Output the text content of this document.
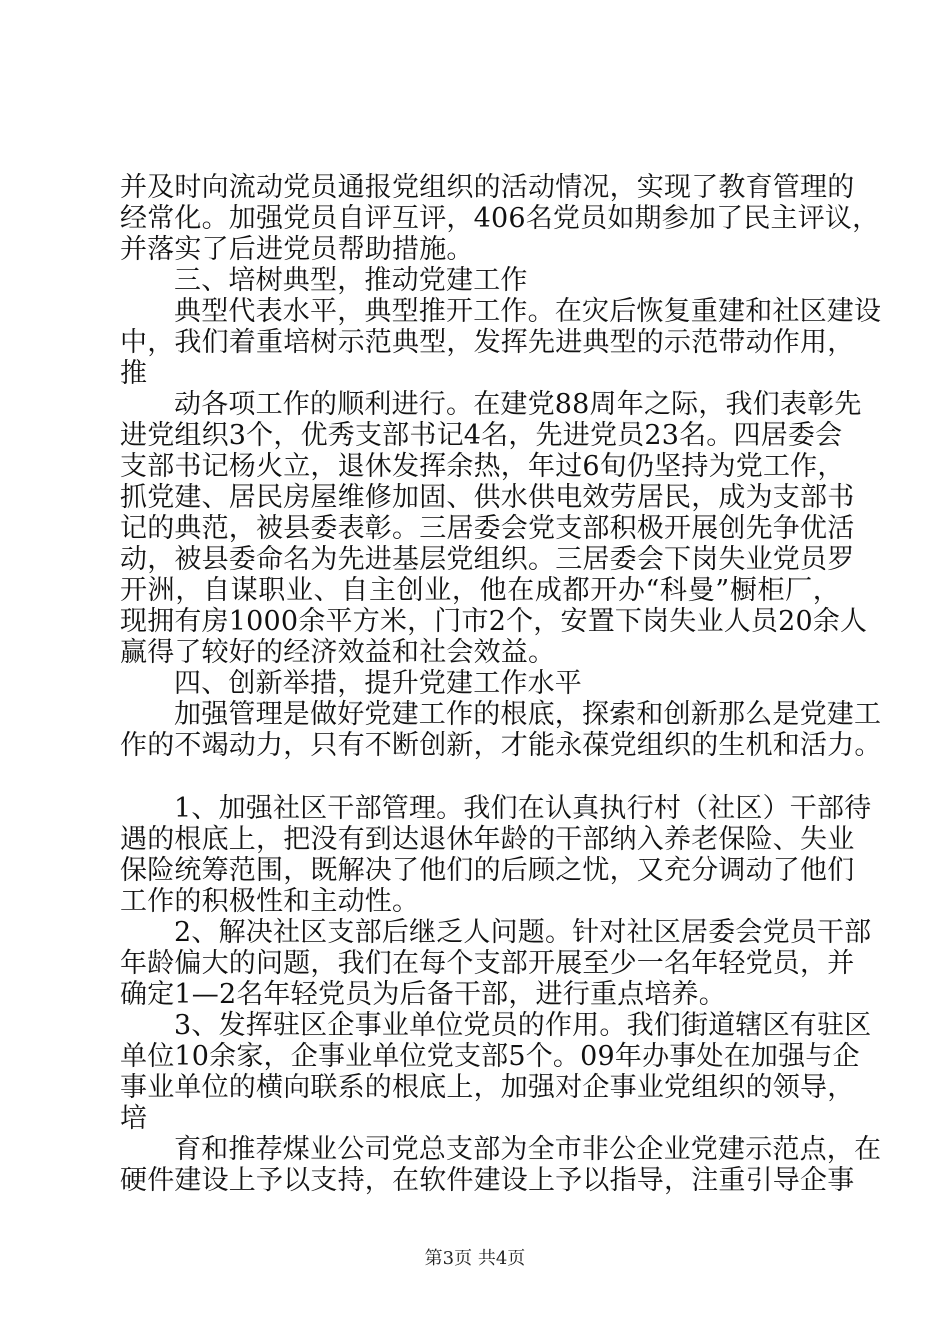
并及时向流动党员通报党组织的活动情况，实现了教育管理的
经常化。加强党员自评互评，406名党员如期参加了民主评议，
并落实了后进党员帮助措施。
三、培树典型，推动党建工作
典型代表水平，典型推开工作。在灾后恢复重建和社区建设
中，我们着重培树示范典型，发挥先进典型的示范带动作用，
推
动各项工作的顺利进行。在建党88周年之际，我们表彰先
进党组织3个，优秀支部书记4名，先进党员23名。四居委会
支部书记杨火立，退休发挥余热，年过6旬仍坚持为党工作，
抓党建、居民房屋维修加固、供水供电效劳居民，成为支部书
记的典范，被县委表彰。三居委会党支部积极开展创先争优活
动，被县委命名为先进基层党组织。三居委会下岗失业党员罗
开洲，自谋职业、自主创业，他在成都开办“科曼”橱柜厂，
现拥有房1000余平方米，门市2个，安置下岗失业人员20余人
赢得了较好的经济效益和社会效益。
四、创新举措，提升党建工作水平
加强管理是做好党建工作的根底，探索和创新那么是党建工
作的不竭动力，只有不断创新，才能永葆党组织的生机和活力。
1、加强社区干部管理。我们在认真执行村（社区）干部待
遇的根底上，把没有到达退休年龄的干部纳入养老保险、失业
保险统筹范围，既解决了他们的后顾之忧，又充分调动了他们
工作的积极性和主动性。
2、解决社区支部后继乏人问题。针对社区居委会党员干部
年龄偏大的问题，我们在每个支部开展至少一名年轻党员，并
确定1—2名年轻党员为后备干部，进行重点培养。
3、发挥驻区企事业单位党员的作用。我们街道辖区有驻区
单位10余家，企事业单位党支部5个。09年办事处在加强与企
事业单位的横向联系的根底上，加强对企事业党组织的领导，
培
育和推荐煤业公司党总支部为全市非公企业党建示范点，在
硬件建设上予以支持，在软件建设上予以指导，注重引导企事
第3页 共4页
